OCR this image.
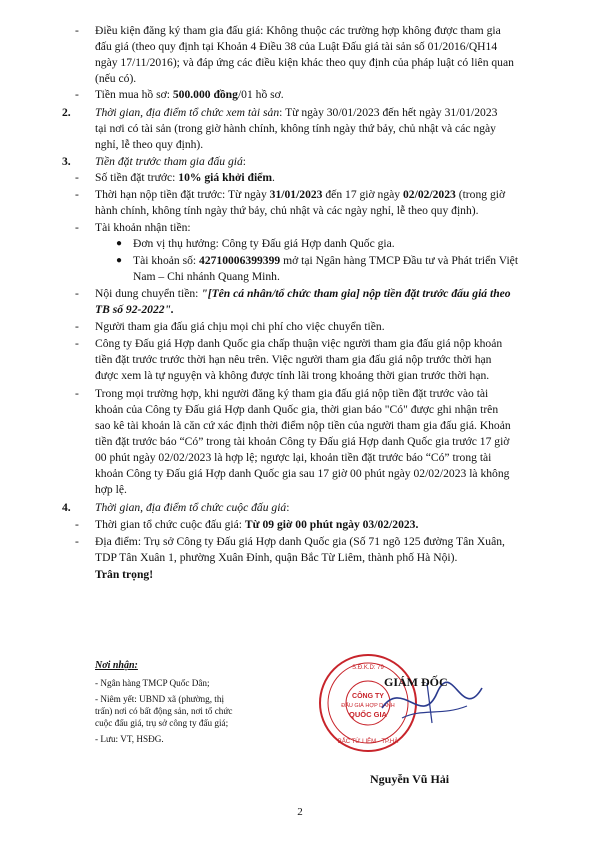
Điều kiện đăng ký tham gia đấu giá: Không thuộc các trường hợp không được tham gia
đấu giá (theo quy định tại Khoản 4 Điều 38 của Luật Đấu giá tài sản số 01/2016/QH14
ngày 17/11/2016); và đáp ứng các điều kiện khác theo quy định của pháp luật có liên quan
(nếu có).
Tiền mua hồ sơ: 500.000 đồng/01 hồ sơ.
Thời gian, địa điểm tổ chức xem tài sản: Từ ngày 30/01/2023 đến hết ngày 31/01/2023
tại nơi có tài sản (trong giờ hành chính, không tính ngày thứ bảy, chủ nhật và các ngày
nghỉ, lễ theo quy định).
Tiền đặt trước tham gia đấu giá:
Số tiền đặt trước: 10% giá khởi điểm.
Thời hạn nộp tiền đặt trước: Từ ngày 31/01/2023 đến 17 giờ ngày 02/02/2023 (trong giờ
hành chính, không tính ngày thứ bảy, chủ nhật và các ngày nghỉ, lễ theo quy định).
Tài khoản nhận tiền:
Đơn vị thụ hưởng: Công ty Đấu giá Hợp danh Quốc gia.
Tài khoản số: 42710006399399 mở tại Ngân hàng TMCP Đầu tư và Phát triển Việt
Nam – Chi nhánh Quang Minh.
Nội dung chuyển tiền: "[Tên cá nhân/tổ chức tham gia] nộp tiền đặt trước đấu giá theo
TB số 92-2022".
Người tham gia đấu giá chịu mọi chi phí cho việc chuyển tiền.
Công ty Đấu giá Hợp danh Quốc gia chấp thuận việc người tham gia đấu giá nộp khoản
tiền đặt trước trước thời hạn nêu trên. Việc người tham gia đấu giá nộp trước thời hạn
được xem là tự nguyện và không được tính lãi trong khoảng thời gian trước thời hạn.
Trong mọi trường hợp, khi người đăng ký tham gia đấu giá nộp tiền đặt trước vào tài
khoản của Công ty Đấu giá Hợp danh Quốc gia, thời gian báo "Có" được ghi nhận trên
sao kê tài khoản là căn cứ xác định thời điểm nộp tiền của người tham gia đấu giá. Khoản
tiền đặt trước báo “Có” trong tài khoản Công ty Đấu giá Hợp danh Quốc gia trước 17 giờ
00 phút ngày 02/02/2023 là hợp lệ; ngược lại, khoản tiền đặt trước báo “Có” trong tài
khoản Công ty Đấu giá Hợp danh Quốc gia sau 17 giờ 00 phút ngày 02/02/2023 là không
hợp lệ.
Thời gian, địa điểm tổ chức cuộc đấu giá:
Thời gian tổ chức cuộc đấu giá: Từ 09 giờ 00 phút ngày 03/02/2023.
Địa điểm: Trụ sở Công ty Đấu giá Hợp danh Quốc gia (Số 71 ngõ 125 đường Tân Xuân,
TDP Tân Xuân 1, phường Xuân Đỉnh, quận Bắc Từ Liêm, thành phố Hà Nội).
Trân trọng!
-
-
-
-
-
-
-
-
-
-
-
2.
3.
4.
●
●
Nơi nhận:
- Ngân hàng TMCP Quốc Dân;
- Niêm yết: UBND xã (phường, thị
trấn) nơi có bất động sản, nơi tổ chức
cuộc đấu giá, trụ sở công ty đấu giá;
- Lưu: VT, HSĐG.
CÔNG TY
ĐẤU GIÁ HỢP DANH
QUỐC GIA
S.Đ.K.D: 79
BẮC TỪ LIÊM - TP.HÀ
GIÁM ĐỐC
Nguyễn Vũ Hải
2
